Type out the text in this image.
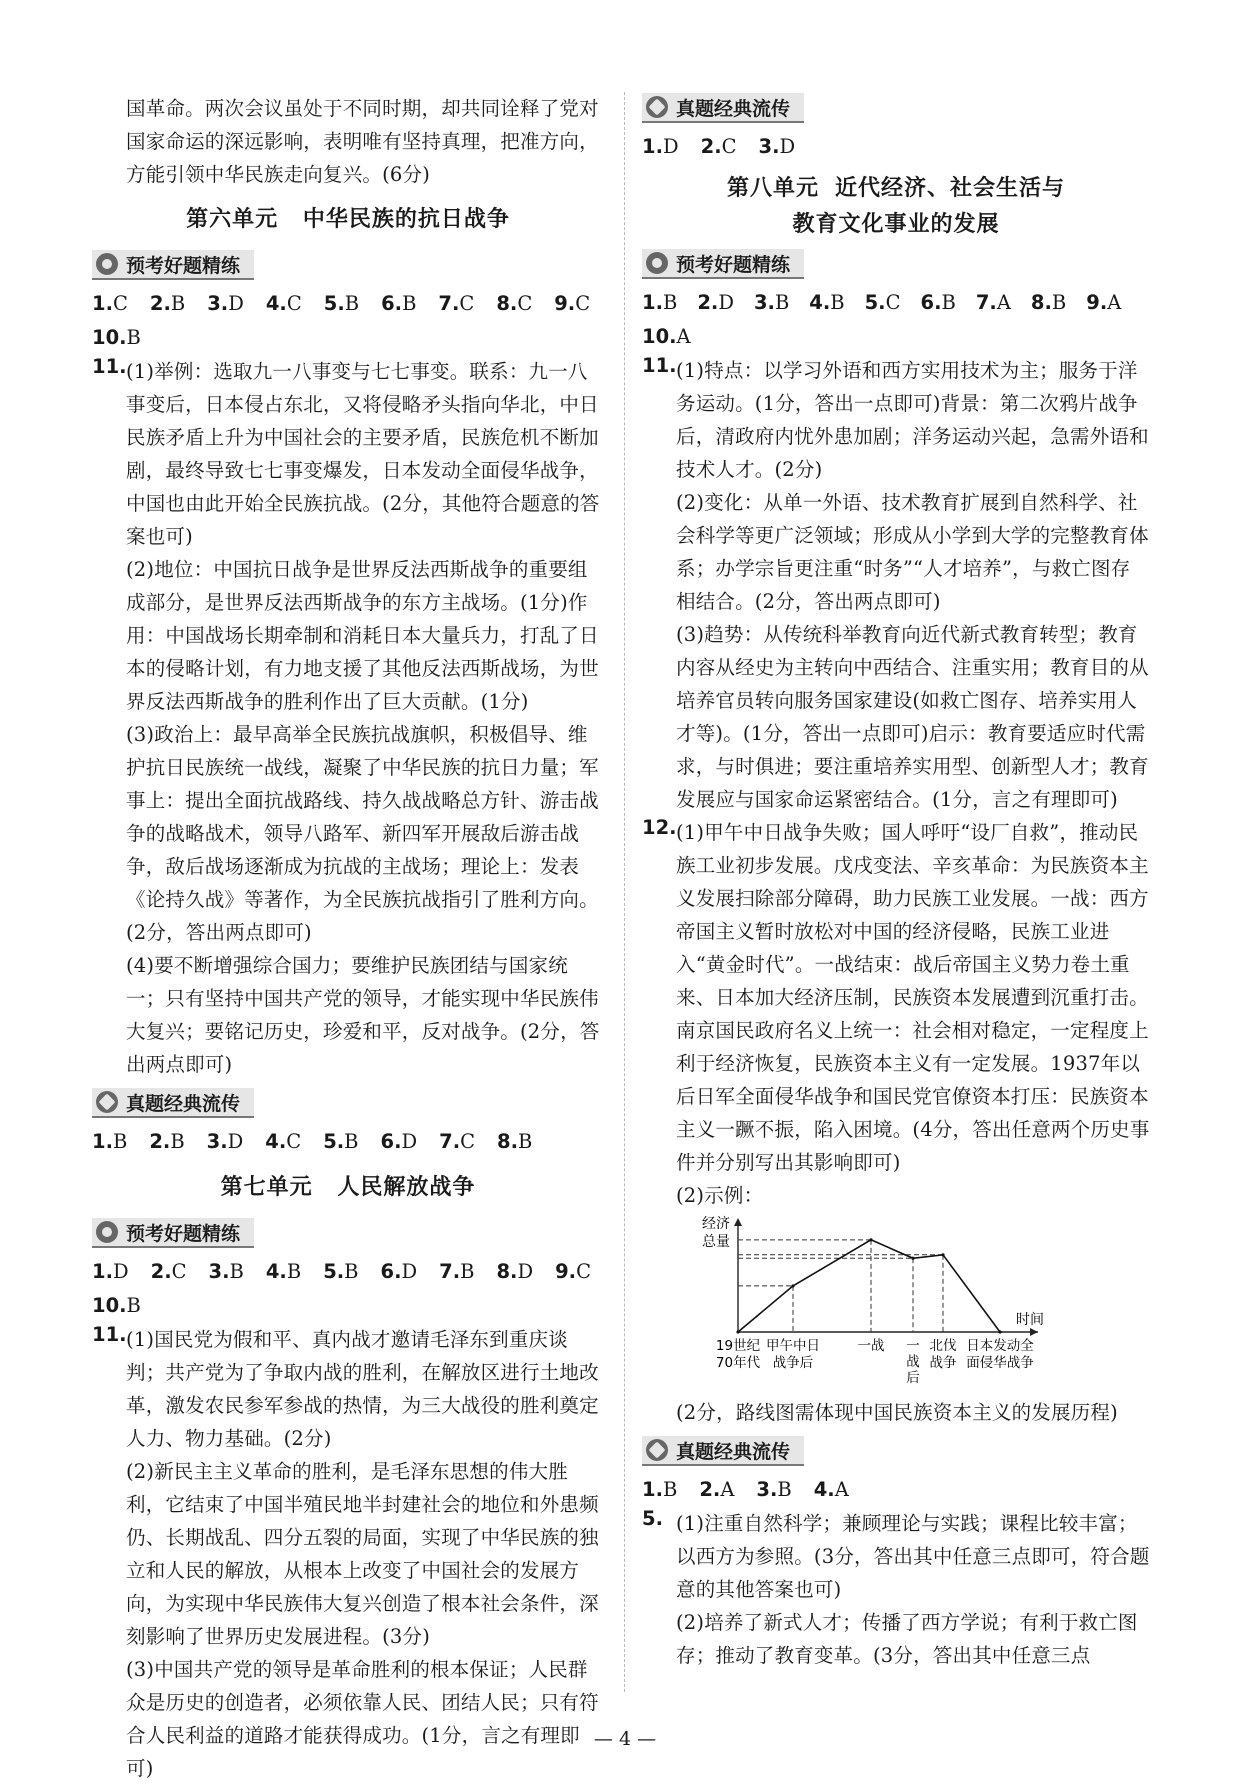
国革命。两次会议虽处于不同时期，却共同诠释了党对国家命运的深远影响，表明唯有坚持真理，把准方向，方能引领中华民族走向复兴。(6分)

第六单元 中华民族的抗日战争
预考好题精练

1.C 2.B 3.D 4.C 5.B 6.B 7.C 8.C 9.C

10.B

11. (1)举例：选取九一八事变与七七事变。联系：九一八事变后，日本侵占东北，又将侵略矛头指向华北，中日民族矛盾上升为中国社会的主要矛盾，民族危机不断加剧，最终导致七七事变爆发，日本发动全面侵华战争，中国也由此开始全民族抗战。(2分，其他符合题意的答案也可)

(2)地位：中国抗日战争是世界反法西斯战争的重要组成部分，是世界反法西斯战争的东方主战场。(1分)作用：中国战场长期牵制和消耗日本大量兵力，打乱了日本的侵略计划，有力地支援了其他反法西斯战场，为世界反法西斯战争的胜利作出了巨大贡献。(1分)

(3)政治上：最早高举全民族抗战旗帜，积极倡导、维护抗日民族统一战线，凝聚了中华民族的抗日力量；军事上：提出全面抗战路线、持久战战略总方针、游击战争的战略战术，领导八路军、新四军开展敌后游击战争，敌后战场逐渐成为抗战的主战场；理论上：发表《论持久战》等著作，为全民族抗战指引了胜利方向。(2分，答出两点即可)

(4)要不断增强综合国力；要维护民族团结与国家统一；只有坚持中国共产党的领导，才能实现中华民族伟大复兴；要铭记历史，珍爱和平，反对战争。(2分，答出两点即可)

真题经典流传

1.B 2.B 3.D 4.C 5.B 6.D 7.C 8.B

第七单元 人民解放战争
预考好题精练

1.D 2.C 3.B 4.B 5.B 6.D 7.B 8.D 9.C

10.B

11. (1)国民党为假和平、真内战才邀请毛泽东到重庆谈判；共产党为了争取内战的胜利，在解放区进行土地改革，激发农民参军参战的热情，为三大战役的胜利奠定人力、物力基础。(2分)

(2)新民主主义革命的胜利，是毛泽东思想的伟大胜利，它结束了中国半殖民地半封建社会的地位和外患频仍、长期战乱、四分五裂的局面，实现了中华民族的独立和人民的解放，从根本上改变了中国社会的发展方向，为实现中华民族伟大复兴创造了根本社会条件，深刻影响了世界历史发展进程。(3分)

(3)中国共产党的领导是革命胜利的根本保证；人民群众是历史的创造者，必须依靠人民、团结人民；只有符合人民利益的道路才能获得成功。(1分，言之有理即可)

真题经典流传

1.D 2.C 3.D

第八单元 近代经济、社会生活与
教育文化事业的发展
预考好题精练

1.B 2.D 3.B 4.B 5.C 6.B 7.A 8.B 9.A

10.A

11. (1)特点：以学习外语和西方实用技术为主；服务于洋务运动。(1分，答出一点即可)背景：第二次鸦片战争后，清政府内忧外患加剧；洋务运动兴起，急需外语和技术人才。(2分)

(2)变化：从单一外语、技术教育扩展到自然科学、社会科学等更广泛领域；形成从小学到大学的完整教育体系；办学宗旨更注重“时务”“人才培养”，与救亡图存相结合。(2分，答出两点即可)

(3)趋势：从传统科举教育向近代新式教育转型；教育内容从经史为主转向中西结合、注重实用；教育目的从培养官员转向服务国家建设(如救亡图存、培养实用人才等)。(1分，答出一点即可)启示：教育要适应时代需求，与时俱进；要注重培养实用型、创新型人才；教育发展应与国家命运紧密结合。(1分，言之有理即可)

12. (1)甲午中日战争失败；国人呼吁“设厂自救”，推动民族工业初步发展。戊戌变法、辛亥革命：为民族资本主义发展扫除部分障碍，助力民族工业发展。一战：西方帝国主义暂时放松对中国的经济侵略，民族工业进入“黄金时代”。一战结束：战后帝国主义势力卷土重来、日本加大经济压制，民族资本发展遭到沉重打击。南京国民政府名义上统一：社会相对稳定，一定程度上利于经济恢复，民族资本主义有一定发展。1937年以后日军全面侵华战争和国民党官僚资本打压：民族资本主义一蹶不振，陷入困境。(4分，答出任意两个历史事件并分别写出其影响即可)

(2)示例：

经济
总量
时间
19世纪
70年代
甲午中日
战争后
一战 一
战
后
北伐
战争
日本发动全
面侵华战争

(2分，路线图需体现中国民族资本主义的发展历程)

真题经典流传

1.B 2.A 3.B 4.A

5. (1)注重自然科学；兼顾理论与实践；课程比较丰富；以西方为参照。(3分，答出其中任意三点即可，符合题意的其他答案也可)

(2)培养了新式人才；传播了西方学说；有利于救亡图存；推动了教育变革。(3分，答出其中任意三点

— 4 —
